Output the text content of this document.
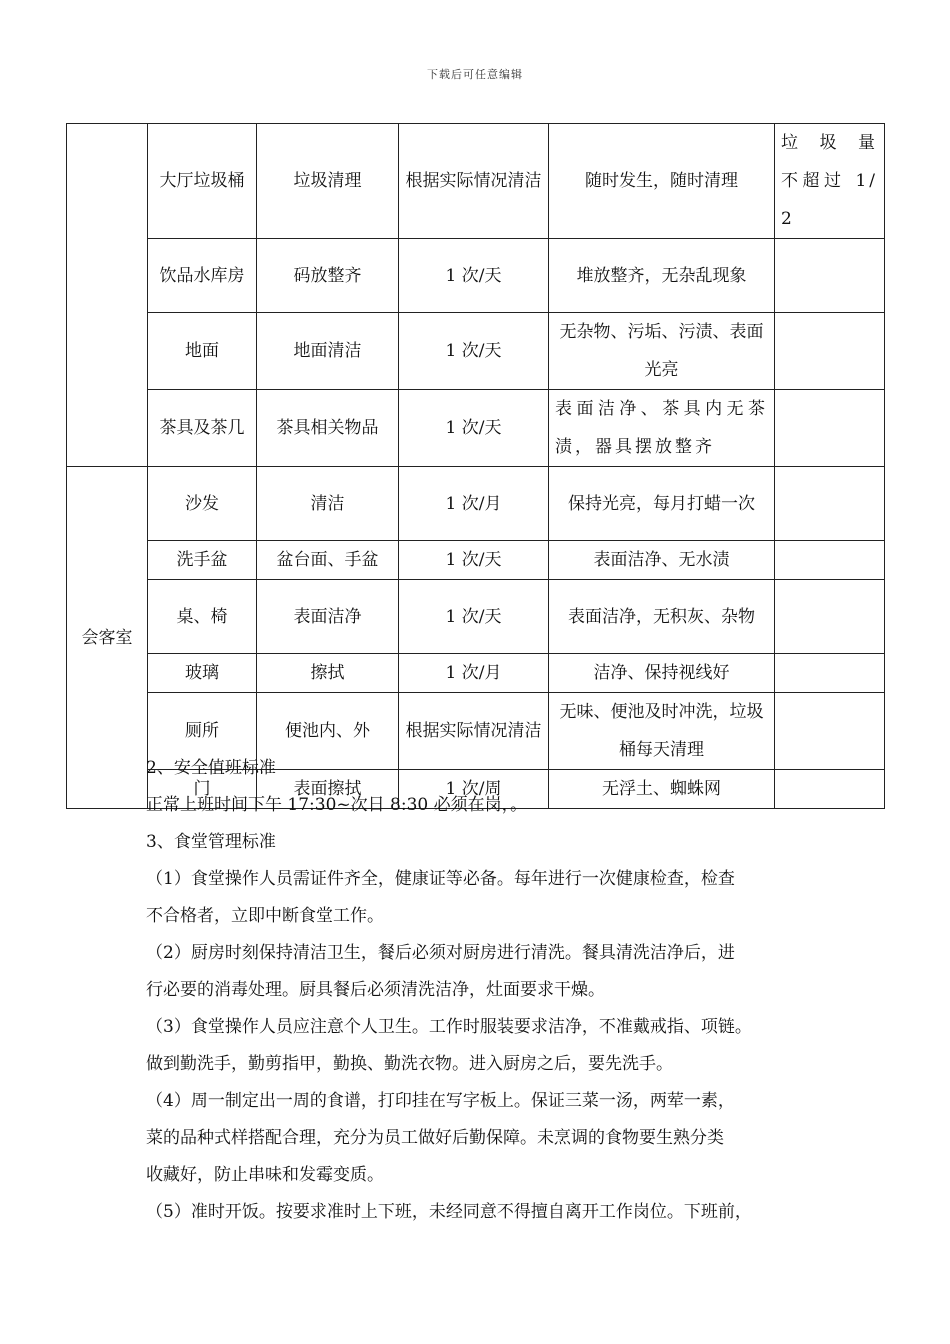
下载后可任意编辑
	大厅垃圾桶	垃圾清理	根据实际情况清洁	随时发生，随时清理	垃 圾 量 不超过 1/2
	饮品水库房	码放整齐	1 次/天	堆放整齐，无杂乱现象	
	地面	地面清洁	1 次/天	无杂物、污垢、污渍、表面光亮	
	茶具及茶几	茶具相关物品	1 次/天	表面洁净、茶具内无茶渍，器具摆放整齐	
会客室	沙发	清洁	1 次/月	保持光亮，每月打蜡一次	
	洗手盆	盆台面、手盆	1 次/天	表面洁净、无水渍	
	桌、椅	表面洁净	1 次/天	表面洁净，无积灰、杂物	
	玻璃	擦拭	1 次/月	洁净、保持视线好	
	厕所	便池内、外	根据实际情况清洁	无味、便池及时冲洗，垃圾桶每天清理	
	门	表面擦拭	1 次/周	无浮土、蜘蛛网	

2、安全值班标准

正常上班时间下午 17:30~次日 8:30 必须在岗，。

3、食堂管理标准

（1）食堂操作人员需证件齐全，健康证等必备。每年进行一次健康检查，检查

不合格者，立即中断食堂工作。

（2）厨房时刻保持清洁卫生，餐后必须对厨房进行清洗。餐具清洗洁净后，进

行必要的消毒处理。厨具餐后必须清洗洁净，灶面要求干燥。

（3）食堂操作人员应注意个人卫生。工作时服装要求洁净，不准戴戒指、项链。

做到勤洗手，勤剪指甲，勤换、勤洗衣物。进入厨房之后，要先洗手。

（4）周一制定出一周的食谱，打印挂在写字板上。保证三菜一汤，两荤一素，

菜的品种式样搭配合理，充分为员工做好后勤保障。未烹调的食物要生熟分类

收藏好，防止串味和发霉变质。

（5）准时开饭。按要求准时上下班，未经同意不得擅自离开工作岗位。下班前，
